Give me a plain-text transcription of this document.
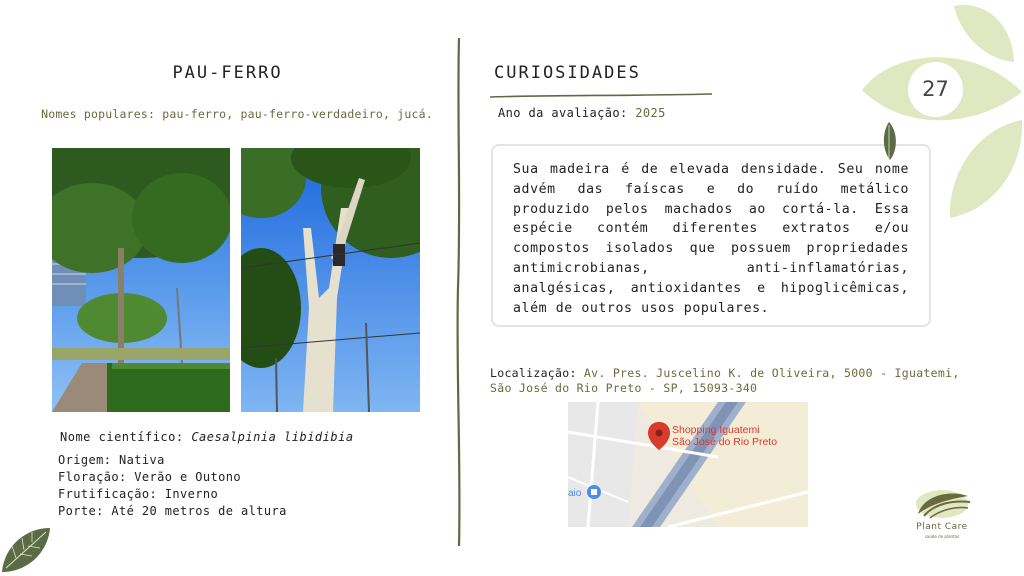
PAU-FERRO
Nomes populares: pau-ferro, pau-ferro-verdadeiro, jucá.
Nome científico: Caesalpinia libidibia
Origem: Nativa
Floração: Verão e Outono
Frutificação: Inverno
Porte: Até 20 metros de altura
CURIOSIDADES
Ano da avaliação: 2025

Sua madeira é de elevada densidade. Seu nome advém das faíscas e do ruído metálico produzido pelos machados ao cortá-la. Essa espécie contém diferentes extratos e/ou compostos isolados que possuem propriedades antimicrobianas, anti-inflamatórias, analgésicas, antioxidantes e hipoglicêmicas, além de outros usos populares.

Localização: Av. Pres. Juscelino K. de Oliveira, 5000 - Iguatemi, São José do Rio Preto - SP, 15093-340
Shopping Iguatemi
São José do Rio Preto
aio
27
Plant Care
saúde de plantas
